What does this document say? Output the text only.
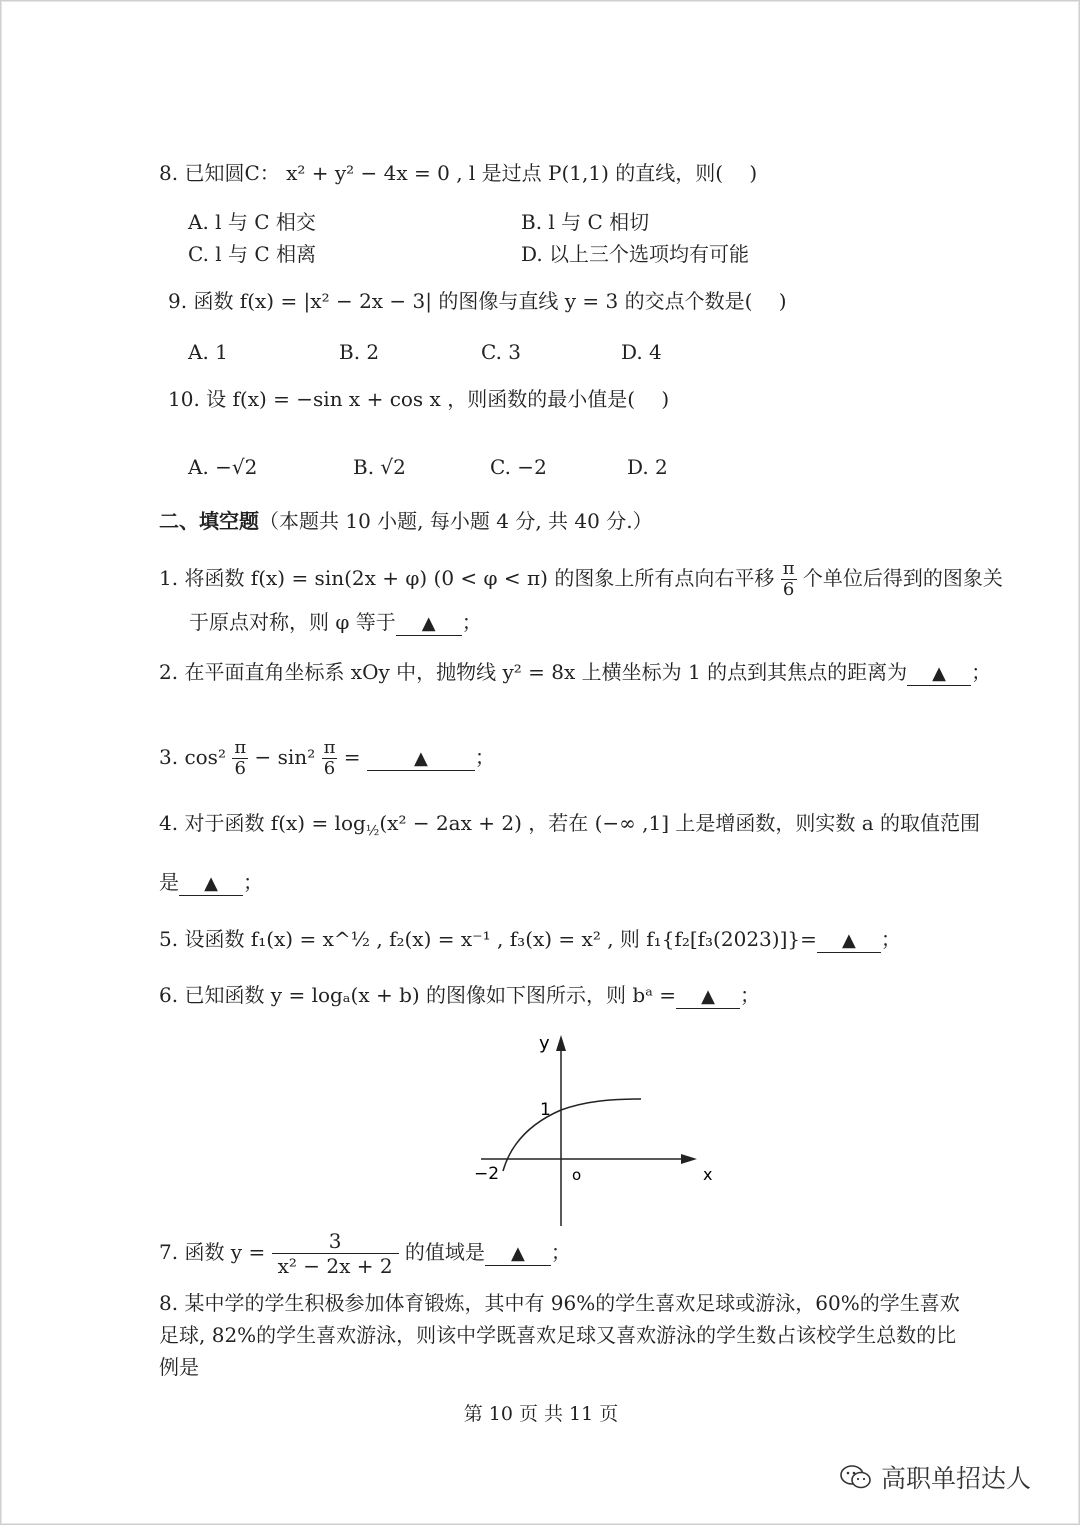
8. 已知圆C： x² + y² − 4x = 0 , l 是过点 P(1,1) 的直线，则(　 )
A. l 与 C 相交	B. l 与 C 相切
C. l 与 C 相离	D. 以上三个选项均有可能
9. 函数 f(x) = |x² − 2x − 3| 的图像与直线 y = 3 的交点个数是(　 )
A. 1	B. 2	C. 3	D. 4
10. 设 f(x) = −sin x + cos x ，则函数的最小值是(　 )
A. −√2	B. √2	C. −2	D. 2
二、填空题（本题共 10 小题, 每小题 4 分, 共 40 分.）
1. 将函数 f(x) = sin(2x + φ) (0 < φ < π) 的图象上所有点向右平移 $\frac{\pi}{6}$ 个单位后得到的图象关
于原点对称，则 φ 等于 ▲ ；
2. 在平面直角坐标系 xOy 中，抛物线 y² = 8x 上横坐标为 1 的点到其焦点的距离为 ▲ ；
3. $\cos^2 \frac{\pi}{6} - \sin^2 \frac{\pi}{6}$ =	▲ ；
4. 对于函数 $f(x) = \log_{\frac{1}{2}}(x^2 - 2ax + 2)$ ，若在 (−∞ ,1] 上是增函数，则实数 a 的取值范围
是 ▲ ；
5. 设函数 f₁(x) = x^½ , f₂(x) = x⁻¹ , f₃(x) = x² , 则 f₁{f₂[f₃(2023)]}= ▲ ；
6. 已知函数 y = logₐ(x + b) 的图像如下图所示，则 bᵃ = ▲ ；
y
x
o
1
−2
7. 函数 $y = \frac{3}{\text{x² − 2x + 2}}$ 的值域是 ▲ ；
8. 某中学的学生积极参加体育锻炼，其中有 96%的学生喜欢足球或游泳，60%的学生喜欢
足球, 82%的学生喜欢游泳，则该中学既喜欢足球又喜欢游泳的学生数占该校学生总数的比
例是
第 10 页 共 11 页
高职单招达人
